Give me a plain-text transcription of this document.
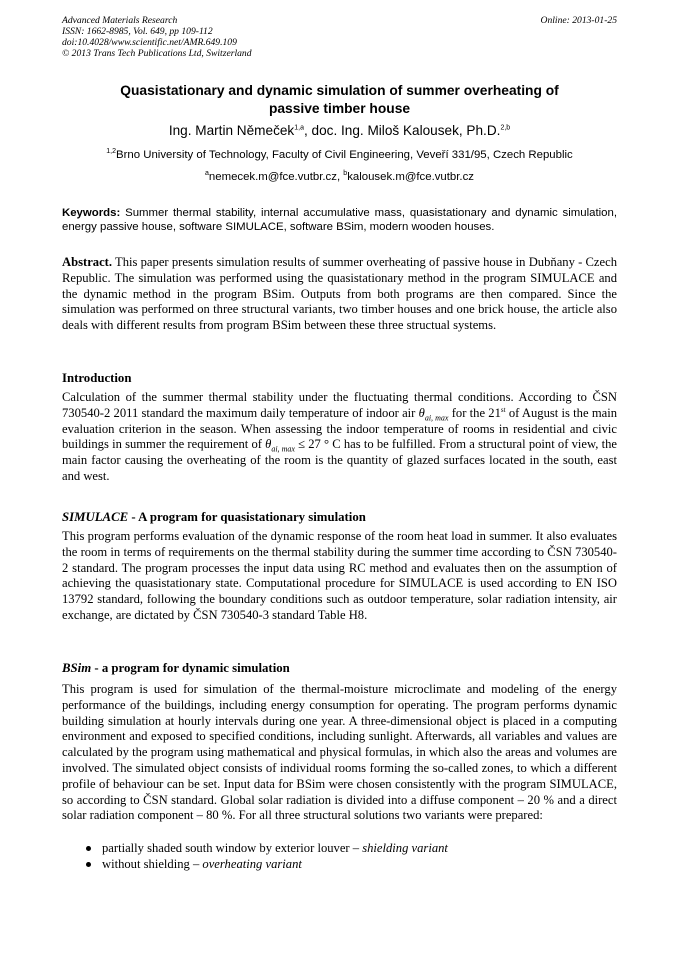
Advanced Materials Research
ISSN: 1662-8985, Vol. 649, pp 109-112
doi:10.4028/www.scientific.net/AMR.649.109
© 2013 Trans Tech Publications Ltd, Switzerland
Online: 2013-01-25
Quasistationary and dynamic simulation of summer overheating of
passive timber house
Ing. Martin Němeček$^{1,a}$, doc. Ing. Miloš Kalousek, Ph.D.$^{2,b}$
$^{1,2}$Brno University of Technology, Faculty of Civil Engineering, Veveří 331/95, Czech Republic
$^a$nemecek.m@fce.vutbr.cz, $^b$kalousek.m@fce.vutbr.cz
Keywords: Summer thermal stability, internal accumulative mass, quasistationary and dynamic simulation, energy passive house, software SIMULACE, software BSim, modern wooden houses.
Abstract. This paper presents simulation results of summer overheating of passive house in Dubňany - Czech Republic. The simulation was performed using the quasistationary method in the program SIMULACE and the dynamic method in the program BSim. Outputs from both programs are then compared. Since the simulation was performed on three structural variants, two timber houses and one brick house, the article also deals with different results from program BSim between these three structual systems.
Introduction
Calculation of the summer thermal stability under the fluctuating thermal conditions. According to ČSN 730540-2 2011 standard the maximum daily temperature of indoor air $\theta_{ai, max}$ for the 21st of August is the main evaluation criterion in the season. When assessing the indoor temperature of rooms in residential and civic buildings in summer the requirement of $\theta_{ai, max} \le 27$ ° C has to be fulfilled. From a structural point of view, the main factor causing the overheating of the room is the quantity of glazed surfaces located in the south, east and west.
SIMULACE - A program for quasistationary simulation
This program performs evaluation of the dynamic response of the room heat load in summer. It also evaluates the room in terms of requirements on the thermal stability during the summer time according to ČSN 730540-2 standard. The program processes the input data using RC method and evaluates then on the assumption of achieving the quasistationary state. Computational procedure for SIMULACE is used according to EN ISO 13792 standard, following the boundary conditions such as outdoor temperature, solar radiation intensity, air exchange, are dictated by ČSN 730540-3 standard Table H8.
BSim - a program for dynamic simulation
This program is used for simulation of the thermal-moisture microclimate and modeling of the energy performance of the buildings, including energy consumption for operating. The program performs dynamic building simulation at hourly intervals during one year. A three-dimensional object is placed in a computing environment and exposed to specified conditions, including sunlight. Afterwards, all variables and values are calculated by the program using mathematical and physical formulas, in which also the areas and volumes are involved. The simulated object consists of individual rooms forming the so-called zones, to which a different profile of behaviour can be set. Input data for BSim were chosen consistently with the program SIMULACE, so according to ČSN standard. Global solar radiation is divided into a diffuse component – 20 % and a direct solar radiation component – 80 %. For all three structural solutions two variants were prepared:
partially shaded south window by exterior louver – shielding variant
without shielding – overheating variant
